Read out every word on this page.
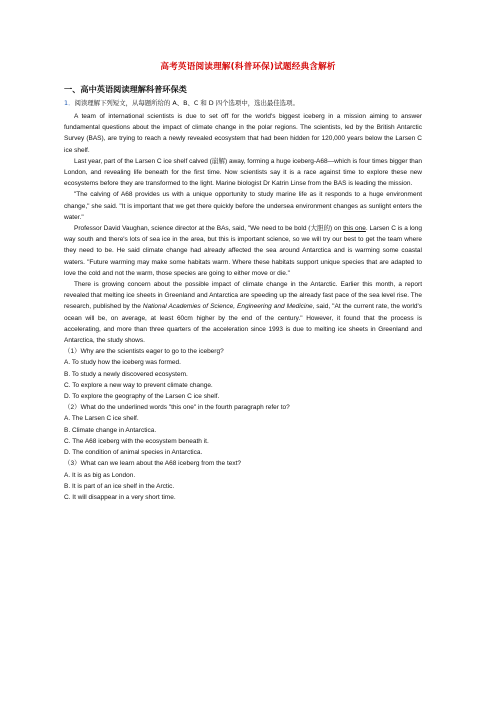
高考英语阅读理解(科普环保)试题经典含解析
一、高中英语阅读理解科普环保类
1．阅读理解下列短文，从每题所给的 A、B、C 和 D 四个选项中，选出最佳选项。

A team of international scientists is due to set off for the world's biggest iceberg in a mission aiming to answer fundamental questions about the impact of climate change in the polar regions. The scientists, led by the British Antarctic Survey (BAS), are trying to reach a newly revealed ecosystem that had been hidden for 120,000 years below the Larsen C ice shelf.

Last year, part of the Larsen C ice shelf calved (崩解) away, forming a huge iceberg-A68—which is four times bigger than London, and revealing life beneath for the first time. Now scientists say it is a race against time to explore these new ecosystems before they are transformed to the light. Marine biologist Dr Katrin Linse from the BAS is leading the mission.

"The calving of A68 provides us with a unique opportunity to study marine life as it responds to a huge environment change," she said. "It is important that we get there quickly before the undersea environment changes as sunlight enters the water."

Professor David Vaughan, science director at the BAs, said, "We need to be bold (大胆的) on this one. Larsen C is a long way south and there's lots of sea ice in the area, but this is important science, so we will try our best to get the team where they need to be. He said climate change had already affected the sea around Antarctica and is warming some coastal waters. "Future warming may make some habitats warm. Where these habitats support unique species that are adapted to love the cold and not the warm, those species are going to either move or die."

There is growing concern about the possible impact of climate change in the Antarctic. Earlier this month, a report revealed that melting ice sheets in Greenland and Antarctica are speeding up the already fast pace of the sea level rise. The research, published by the National Academies of Science, Engineering and Medicine, said, "At the current rate, the world's ocean will be, on average, at least 60cm higher by the end of the century." However, it found that the process is accelerating, and more than three quarters of the acceleration since 1993 is due to melting ice sheets in Greenland and Antarctica, the study shows.

（1）Why are the scientists eager to go to the iceberg?

A. To study how the iceberg was formed.

B. To study a newly discovered ecosystem.

C. To explore a new way to prevent climate change.

D. To explore the geography of the Larsen C ice shelf.

（2）What do the underlined words "this one" in the fourth paragraph refer to?

A. The Larsen C ice shelf.

B. Climate change in Antarctica.

C. The A68 iceberg with the ecosystem beneath it.

D. The condition of animal species in Antarctica.

（3）What can we learn about the A68 iceberg from the text?

A. It is as big as London.

B. It is part of an ice shelf in the Arctic.

C. It will disappear in a very short time.
